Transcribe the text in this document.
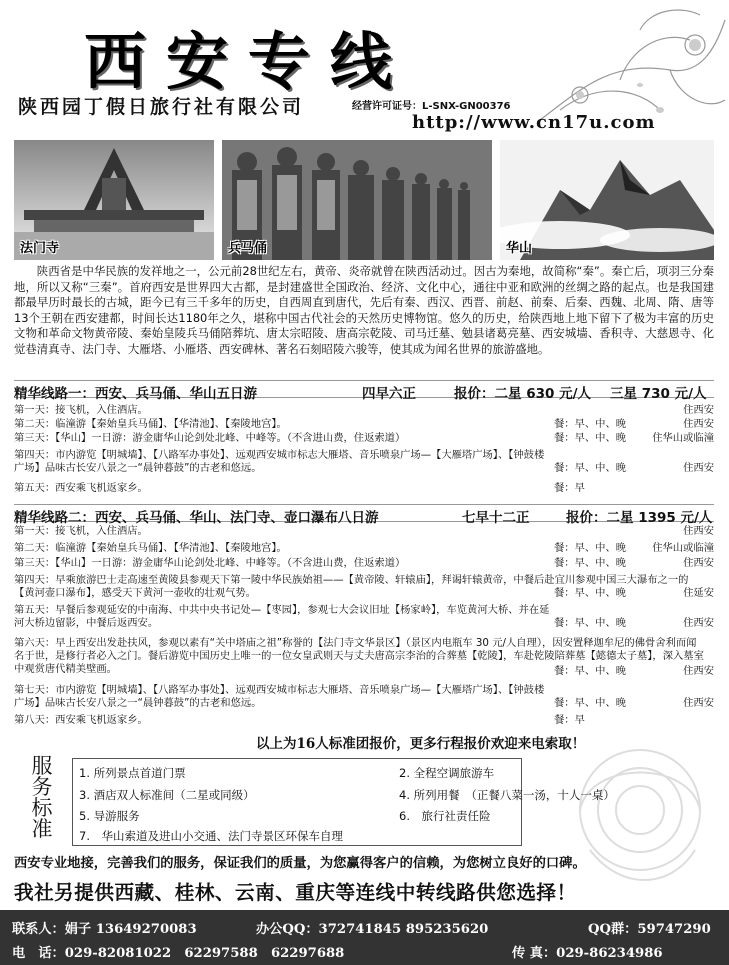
西安专线
陕西园丁假日旅行社有限公司	经营许可证号：L-SNX-GN00376
http://www.cn17u.com
法门寺	兵马俑	华山
陕西省是中华民族的发祥地之一，公元前28世纪左右，黄帝、炎帝就曾在陕西活动过。因古为秦地，故简称“秦”。秦亡后，项羽三分秦地，所以又称“三秦”。首府西安是世界四大古都，是封建盛世全国政治、经济、文化中心，通往中亚和欧洲的丝绸之路的起点。也是我国建都最早历时最长的古城，距今已有三千多年的历史，自西周直到唐代，先后有秦、西汉、西晋、前赵、前秦、后秦、西魏、北周、隋、唐等13个王朝在西安建都，时间长达1180年之久，堪称中国古代社会的天然历史博物馆。悠久的历史，给陕西地上地下留下了极为丰富的历史文物和革命文物黄帝陵、秦始皇陵兵马俑陪葬坑、唐太宗昭陵、唐高宗乾陵、司马迁墓、勉县诸葛亮墓、西安城墙、香积寺、大慈恩寺、化觉巷清真寺、法门寺、大雁塔、小雁塔、西安碑林、著名石刻昭陵六骏等，使其成为闻名世界的旅游盛地。
精华线路一：西安、兵马俑、华山五日游	四早六正	报价：二星 630 元/人 三星 730 元/人
第一天：接飞机，入住酒店。	住西安
第二天：临潼游【秦始皇兵马俑】、【华清池】、【秦陵地宫】。	餐：早、中、晚	住西安
第三天：【华山】一日游：游金庸华山论剑处北峰、中峰等。（不含进山费，住返索道）	餐：早、中、晚	住华山或临潼
第四天：市内游览【明城墙】、【八路军办事处】、远观西安城市标志大雁塔、音乐喷泉广场—【大雁塔广场】、【钟鼓楼广场】品味古长安八景之一“晨钟暮鼓”的古老和悠远。	餐：早、中、晚	住西安
第五天：西安乘飞机返家乡。	餐：早
精华线路二：西安、兵马俑、华山、法门寺、壶口瀑布八日游	七早十二正	报价：二星 1395 元/人
第一天：接飞机，入住酒店。	住西安
第二天：临潼游【秦始皇兵马俑】、【华清池】、【秦陵地宫】。	餐：早、中、晚	住华山或临潼
第三天：【华山】一日游：游金庸华山论剑处北峰、中峰等。（不含进山费，住返索道）	餐：早、中、晚	住西安
第四天：早乘旅游巴士走高速至黄陵县参观天下第一陵中华民族始祖——【黄帝陵、轩辕庙】，拜谒轩辕黄帝，中餐后赴宜川参观中国三大瀑布之一的【黄河壶口瀑布】，感受天下黄河一壶收的壮观气势。	餐：早、中、晚	住延安
第五天：早餐后参观延安的中南海、中共中央书记处—【枣园】，参观七大会议旧址【杨家岭】，车览黄河大桥、并在延河大桥边留影，中餐后返西安。	餐：早、中、晚	住西安
第六天：早上西安出发赴扶风，参观以素有“关中塔庙之祖”称誉的【法门寺文华景区】（景区内电瓶车 30 元/人自理），因安置释迦牟尼的佛骨舍利而闻名于世，是修行者必入之门。餐后游览中国历史上唯一的一位女皇武则天与丈夫唐高宗李治的合葬墓【乾陵】，车赴乾陵陪葬墓【懿德太子墓】，深入墓室中观赏唐代精美壁画。	餐：早、中、晚	住西安
第七天：市内游览【明城墙】、【八路军办事处】、远观西安城市标志大雁塔、音乐喷泉广场—【大雁塔广场】、【钟鼓楼广场】品味古长安八景之一“晨钟暮鼓”的古老和悠远。	餐：早、中、晚	住西安
第八天：西安乘飞机返家乡。	餐：早
以上为16人标准团报价，更多行程报价欢迎来电索取！
服
务
标
准
1. 所列景点首道门票	2. 全程空调旅游车
3. 酒店双人标准间（二星或同级）	4. 所列用餐　（正餐八菜一汤，十人一桌）
5. 导游服务	6.　旅行社责任险
7.　华山索道及进山小交通、法门寺景区环保车自理
西安专业地接，完善我们的服务，保证我们的质量，为您赢得客户的信赖，为您树立良好的口碑。
我社另提供西藏、桂林、云南、重庆等连线中转线路供您选择！
联系人：娟子 13649270083	办公QQ：372741845 895235620	QQ群：59747290
电　话：029-82081022　62297588　62297688	传 真：029-86234986
